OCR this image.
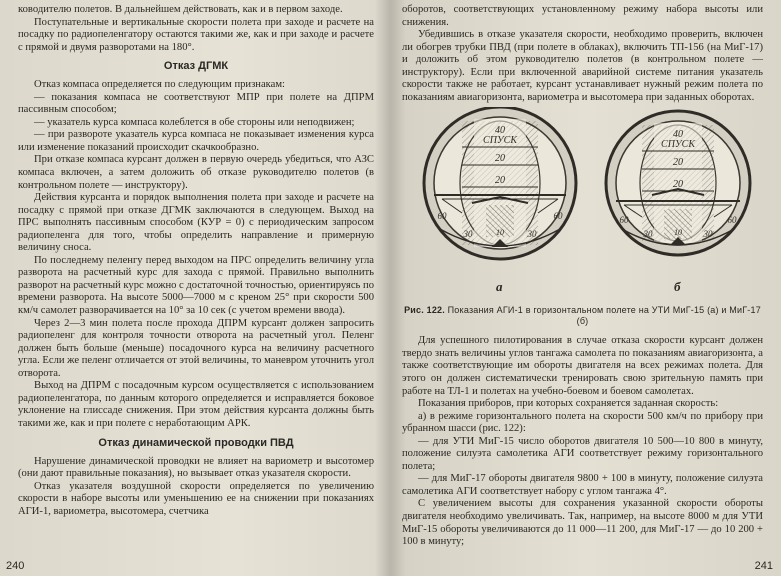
ководителю полетов. В дальнейшем действовать, как и в первом заходе.

Поступательные и вертикальные скорости полета при заходе и расчете на посадку по радиопеленгатору остаются такими же, как и при заходе и расчете с прямой и двумя разворотами на 180°.

Отказ ДГМК

Отказ компаса определяется по следующим признакам:

— показания компаса не соответствуют МПР при полете на ДПРМ пассивным способом;

— указатель курса компаса колеблется в обе стороны или неподвижен;

— при развороте указатель курса компаса не показывает изменения курса или изменение показаний происходит скачкообразно.

При отказе компаса курсант должен в первую очередь убедиться, что АЗС компаса включен, а затем доложить об отказе руководителю полетов (в контрольном полете — инструктору).

Действия курсанта и порядок выполнения полета при заходе и расчете на посадку с прямой при отказе ДГМК заключаются в следующем. Выход на ПРС выполнять пассивным способом (КУР = 0) с периодическим запросом радиопеленга для того, чтобы определить направление и примерную величину сноса.

По последнему пеленгу перед выходом на ПРС определить величину угла разворота на расчетный курс для захода с прямой. Правильно выполнить разворот на расчетный курс можно с достаточной точностью, ориентируясь по времени разворота. На высоте 5000—7000 м с креном 25° при скорости 500 км/ч самолет разворачивается на 10° за 10 сек (с учетом времени ввода).

Через 2—3 мин полета после прохода ДПРМ курсант должен запросить радиопеленг для контроля точности отворота на расчетный угол. Пеленг должен быть больше (меньше) посадочного курса на величину расчетного угла. Если же пеленг отличается от этой величины, то маневром уточнить угол отворота.

Выход на ДПРМ с посадочным курсом осуществляется с использованием радиопеленгатора, по данным которого определяется и исправляется боковое уклонение на глиссаде снижения. При этом действия курсанта должны быть такими же, как и при полете с неработающим АРК.

Отказ динамической проводки ПВД

Нарушение динамической проводки не влияет на вариометр и высотомер (они дают правильные показания), но вызывает отказ указателя скорости.

Отказ указателя воздушной скорости определяется по увеличению скорости в наборе высоты или уменьшению ее на снижении при показаниях АГИ-1, вариометра, высотомера, счетчика

240

оборотов, соответствующих установленному режиму набора высоты или снижения.

Убедившись в отказе указателя скорости, необходимо проверить, включен ли обогрев трубки ПВД (при полете в облаках), включить ТП-156 (на МиГ-17) и доложить об этом руководителю полетов (в контрольном полете — инструктору). Если при включенной аварийной системе питания указатель скорости также не работает, курсант устанавливает нужный режим полета по показаниям авиагоризонта, вариометра и высотомера при заданных оборотах.

40
СПУСК
20
20
60	60
30	30
10
40
СПУСК
20
20
60	60
30	30
10
а	б

Рис. 122. Показания АГИ-1 в горизонтальном полете на УТИ МиГ-15 (а) и МиГ-17 (б)

Для успешного пилотирования в случае отказа скорости курсант должен твердо знать величины углов тангажа самолета по показаниям авиагоризонта, а также соответствующие им обороты двигателя на всех режимах полета. Для этого он должен систематически тренировать свою зрительную память при работе на ТЛ-1 и полетах на учебно-боевом и боевом самолетах.

Показания приборов, при которых сохраняется заданная скорость:

а) в режиме горизонтального полета на скорости 500 км/ч по прибору при убранном шасси (рис. 122):

— для УТИ МиГ-15 число оборотов двигателя 10 500—10 800 в минуту, положение силуэта самолетика АГИ соответствует режиму горизонтального полета;

— для МиГ-17 обороты двигателя 9800 + 100 в минуту, положение силуэта самолетика АГИ соответствует набору с углом тангажа 4°.

С увеличением высоты для сохранения указанной скорости обороты двигателя необходимо увеличивать. Так, например, на высоте 8000 м для УТИ МиГ-15 обороты увеличиваются до 11 000—11 200, для МиГ-17 — до 10 200 + 100 в минуту;

241
